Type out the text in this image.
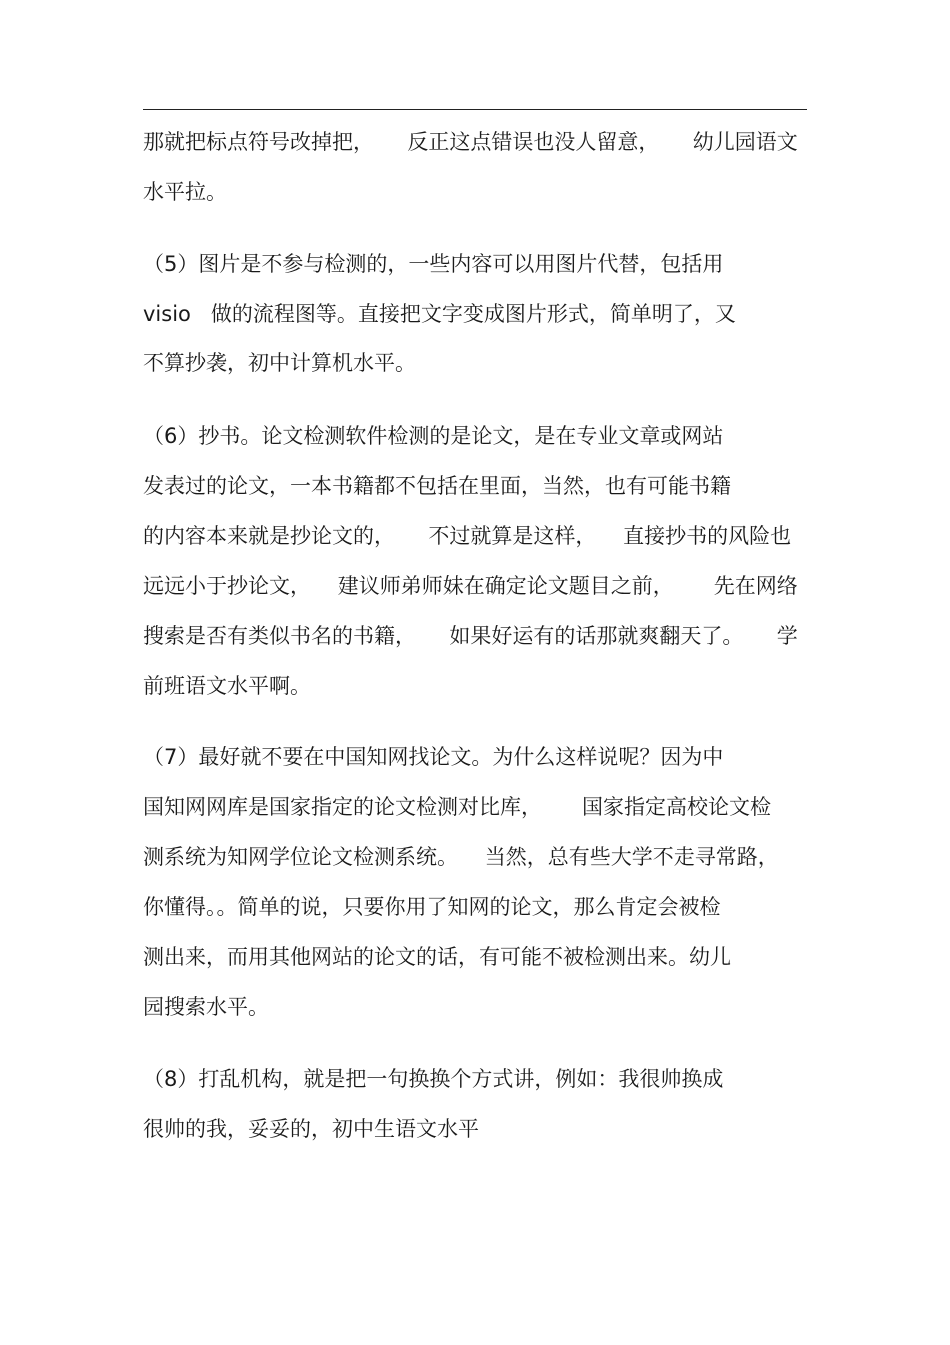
那就把标点符号改掉把，     反正这点错误也没人留意，     幼儿园语文
水平拉。
（5）图片是不参与检测的，一些内容可以用图片代替，包括用
visio   做的流程图等。直接把文字变成图片形式，简单明了，又
不算抄袭，初中计算机水平。
（6）抄书。论文检测软件检测的是论文，是在专业文章或网站
发表过的论文，一本书籍都不包括在里面，当然，也有可能书籍
的内容本来就是抄论文的，     不过就算是这样，    直接抄书的风险也
远远小于抄论文，    建议师弟师妹在确定论文题目之前，      先在网络
搜索是否有类似书名的书籍，     如果好运有的话那就爽翻天了。     学
前班语文水平啊。
（7）最好就不要在中国知网找论文。为什么这样说呢？因为中
国知网网库是国家指定的论文检测对比库，      国家指定高校论文检
测系统为知网学位论文检测系统。    当然，总有些大学不走寻常路，
你懂得。。简单的说，只要你用了知网的论文，那么肯定会被检
测出来，而用其他网站的论文的话，有可能不被检测出来。幼儿
园搜索水平。
（8）打乱机构，就是把一句换换个方式讲，例如：我很帅换成
很帅的我，妥妥的，初中生语文水平
